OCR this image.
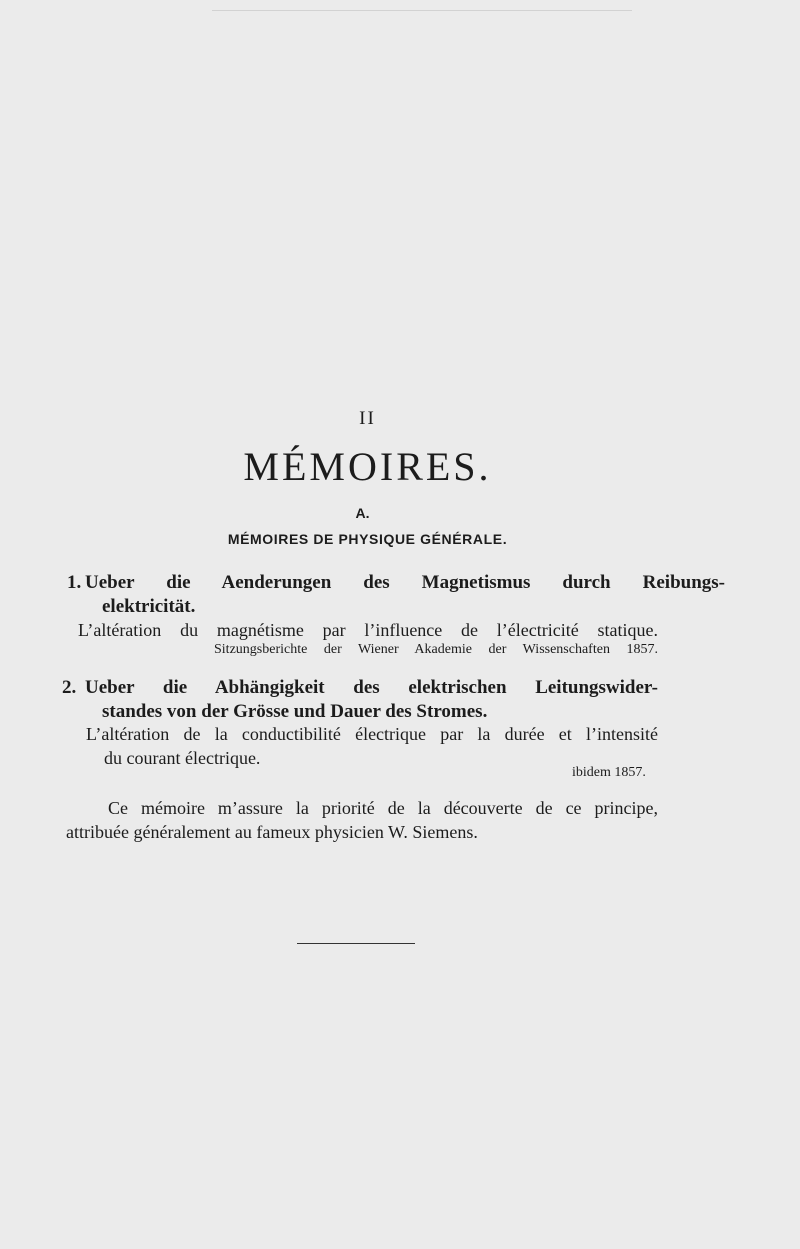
II
MÉMOIRES.
A.
MÉMOIRES DE PHYSIQUE GÉNÉRALE.
1. Ueber die Aenderungen des Magnetismus durch Reibungs-
elektricität.
L’altération du magnétisme par l’influence de l’électricité statique.
Sitzungsberichte der Wiener Akademie der Wissenschaften 1857.
2. Ueber die Abhängigkeit des elektrischen Leitungswider-
standes von der Grösse und Dauer des Stromes.
L’altération de la conductibilité électrique par la durée et l’intensité
du courant électrique.
ibidem 1857.
Ce mémoire m’assure la priorité de la découverte de ce principe,
attribuée généralement au fameux physicien W. Siemens.
